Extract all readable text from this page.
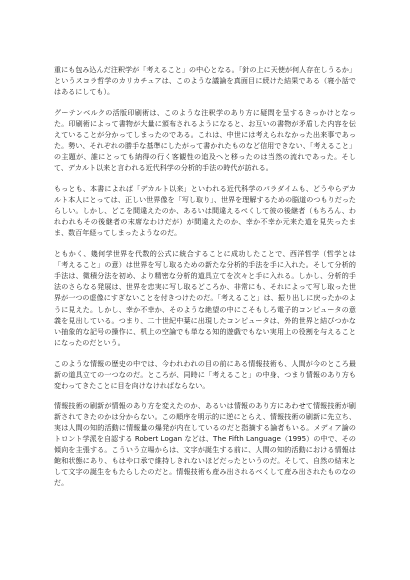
重にも包み込んだ注釈学が「考えること」の中心となる。「針の上に天使が何人存在しうるか」というスコラ哲学のカリカチュアは、このような議論を真面目に続けた結果である（寝小話ではあるにしても）。

グーテンベルクの活版印刷術は、このような注釈学のあり方に疑問を呈するきっかけとなった。印刷術によって書物が大量に頒布されるようになると、お互いの書物が矛盾した内容を伝えていることが分かってしまったのである。これは、中世には考えられなかった出来事であった。勢い、それぞれの勝手な基準にしたがって書かれたものなど信用できない、「考えること」の主題が、誰にとっても納得の行く客観性の追及へと移ったのは当然の流れであった。そして、デカルト以来と言われる近代科学の分析的手法の時代が訪れる。

もっとも、本書によれば「デカルト以来」といわれる近代科学のパラダイムも、どうやらデカルト本人にとっては、正しい世界像を「写し取り」、世界を理解するための脳道のつもりだったらしい。しかし、どこを間違えたのか、あるいは間違えるべくして彼の後継者（もちろん、われわれもその後継者の末席なわけだが）が間違えたのか、幸か不幸か元来た道を見失ったまま、数百年経ってしまったようなのだ。

ともかく、幾何学世界を代数的公式に統合することに成功したことで、西洋哲学（哲学とは「考えること」の意）は世界を写し取るための新たな分析的手法を手に入れた。そして分析的手法は、微積分法を初め、より精密な分析的道具立てを次々と手に入れる。しかし、分析的手法のさらなる発展は、世界を忠実に写し取るどころか、非常にも、それによって写し取った世界が一つの虚像にすぎないことを付きつけたのだ。「考えること」は、振り出しに戻ったかのように見えた。しかし、幸か不幸か、そのような絶望の中にこそもしろ電子的コンピュータの意義を見出している。つまり、二十世紀中葉に出現したコンピュータは、外的世界と結びつかない抽象的な記号の操作に、机上の空論でも単なる知的遊戯でもない実用上の役割を与えることになったのだという。

このような情報の歴史の中では、今われわれの目の前にある情報技術も、人間が今のところ最新の道具立ての一つなのだ。ところが、同時に「考えること」の中身、つまり情報のあり方も変わってきたことに目を向けなければならない。

情報技術の刷新が情報のあり方を変えたのか、あるいは情報のあり方にあわせて情報技術が刷新されてきたのかは分からない。この順序を明示的に逆にとらえ、情報技術の刷新に先立ち、実は人間の知的活動に情報量の爆発が内在しているのだと指摘する論者もいる。メディア論のトロント学派を自認する Robert Logan などは、The Fifth Language（1995）の中で、その傾向を主張する。こういう立場からは、文字が誕生する前に、人間の知的活動における情報は飽和状態にあり、もはや口承で維持しきれないほどだったというのだ。そして、自然の結末として文字の誕生をもたらしたのだと。情報技術も産み出されるべくして産み出されたものなのだ。
